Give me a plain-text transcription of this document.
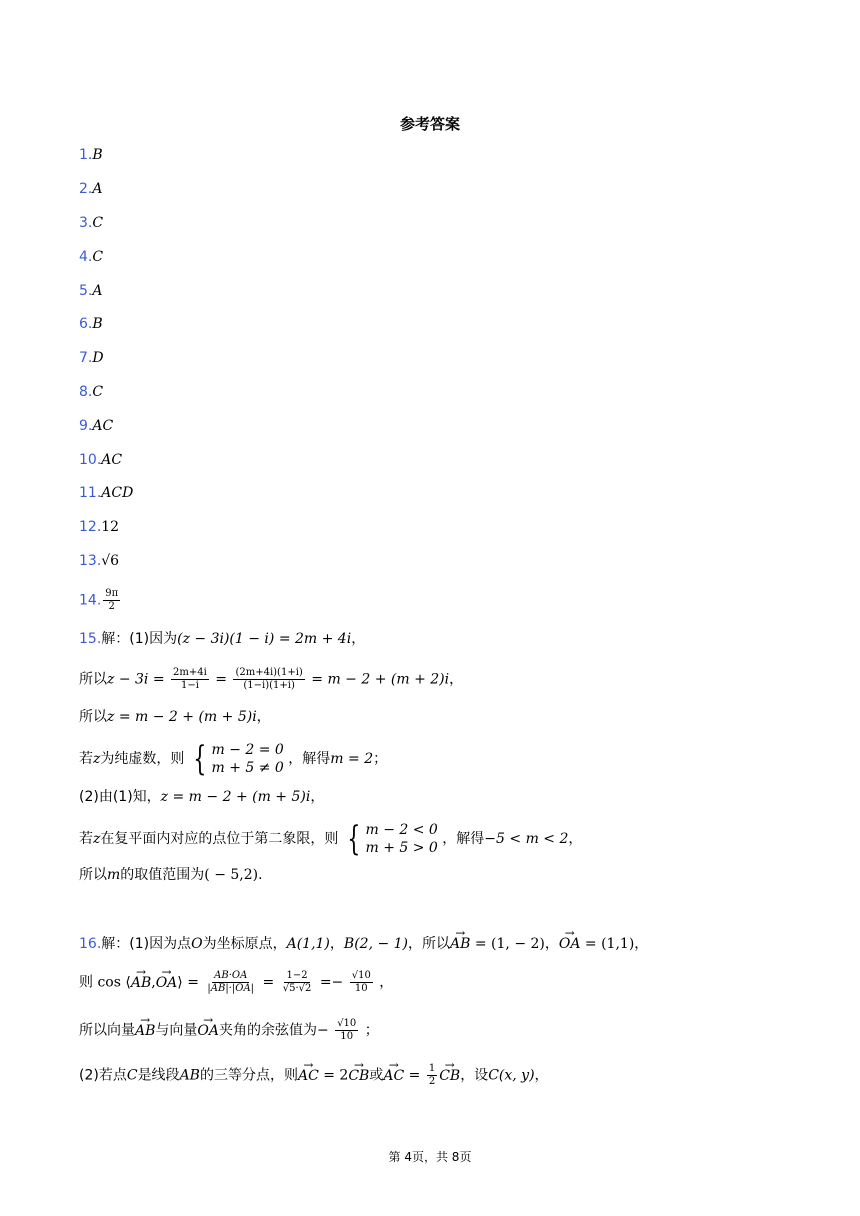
参考答案
1.B
2.A
3.C
4.C
5.A
6.B
7.D
8.C
9.AC
10.AC
11.ACD
12.12
13.√6
14. $\frac{9\pi}{2}$
15.解：(1)因为(z − 3i)(1 − i) = 2m + 4i，
所以$z - 3i = \frac{2m+4i}{1-i} = \frac{(2m+4i)(1+i)}{(1-i)(1+i)} = m - 2 + (m + 2)i$，
所以z = m − 2 + (m + 5)i，
若z为纯虚数，则 { m − 2 = 0
m + 5 ≠ 0
，解得m = 2；
(2)由(1)知，z = m − 2 + (m + 5)i，
若z在复平面内对应的点位于第二象限，则 { m − 2 < 0
m + 5 > 0
，解得−5 < m < 2，
所以m的取值范围为( − 5,2).
16.解：(1)因为点O为坐标原点，A(1,1)，B(2, − 1)，所以→ AB = (1, − 2)，→ OA = (1,1)，
则 cos ⟨→ AB,→ OA⟩ = $\frac{AB\cdot OA}{|AB|\cdot|OA|} = \frac{1-2}{√5\cdot√2} =- \frac{√10}{10}$ ，
所以向量→ AB与向量→ OA夹角的余弦值为− $\frac{√10}{10}$ ；
(2)若点C是线段AB的三等分点，则→ AC = 2→ CB或→ AC = $\frac{1}{2}$
→ CB，设C(x, y)，
第 4页，共 8页
